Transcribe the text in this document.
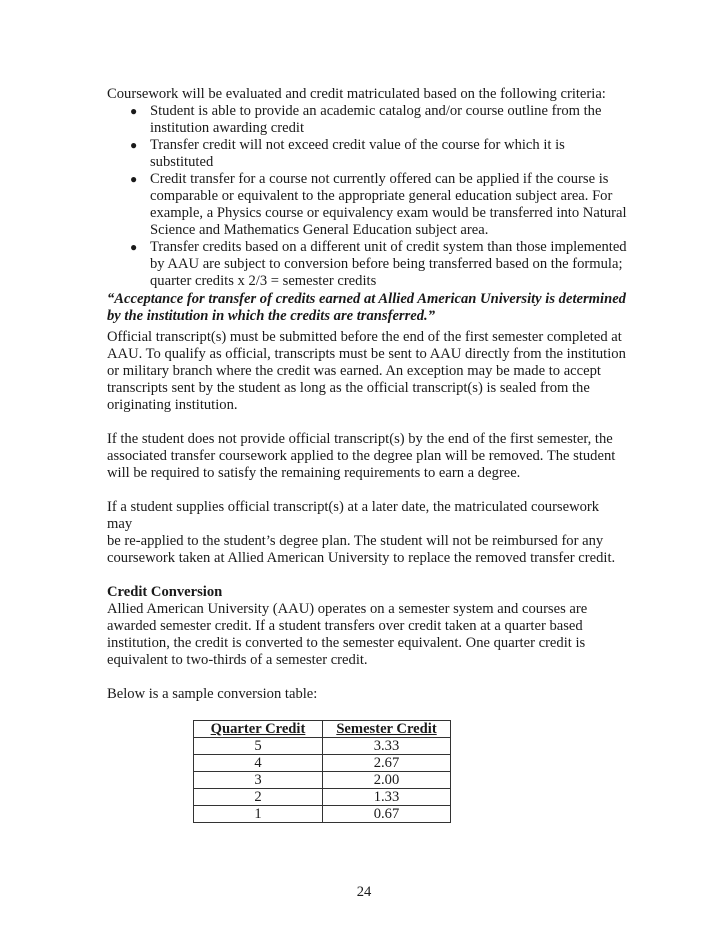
Coursework will be evaluated and credit matriculated based on the following criteria:

● Student is able to provide an academic catalog and/or course outline from the
institution awarding credit
● Transfer credit will not exceed credit value of the course for which it is
substituted
● Credit transfer for a course not currently offered can be applied if the course is
comparable or equivalent to the appropriate general education subject area. For
example, a Physics course or equivalency exam would be transferred into Natural
Science and Mathematics General Education subject area.
● Transfer credits based on a different unit of credit system than those implemented
by AAU are subject to conversion before being transferred based on the formula;
quarter credits x 2/3 = semester credits

“Acceptance for transfer of credits earned at Allied American University is determined
by the institution in which the credits are transferred.”

Official transcript(s) must be submitted before the end of the first semester completed at
AAU. To qualify as official, transcripts must be sent to AAU directly from the institution
or military branch where the credit was earned. An exception may be made to accept
transcripts sent by the student as long as the official transcript(s) is sealed from the
originating institution.

If the student does not provide official transcript(s) by the end of the first semester, the
associated transfer coursework applied to the degree plan will be removed. The student
will be required to satisfy the remaining requirements to earn a degree.

If a student supplies official transcript(s) at a later date, the matriculated coursework may
be re-applied to the student’s degree plan. The student will not be reimbursed for any
coursework taken at Allied American University to replace the removed transfer credit.

Credit Conversion
Allied American University (AAU) operates on a semester system and courses are
awarded semester credit. If a student transfers over credit taken at a quarter based
institution, the credit is converted to the semester equivalent. One quarter credit is
equivalent to two-thirds of a semester credit.

Below is a sample conversion table:

Quarter Credit	Semester Credit
5	3.33
4	2.67
3	2.00
2	1.33
1	0.67
24
